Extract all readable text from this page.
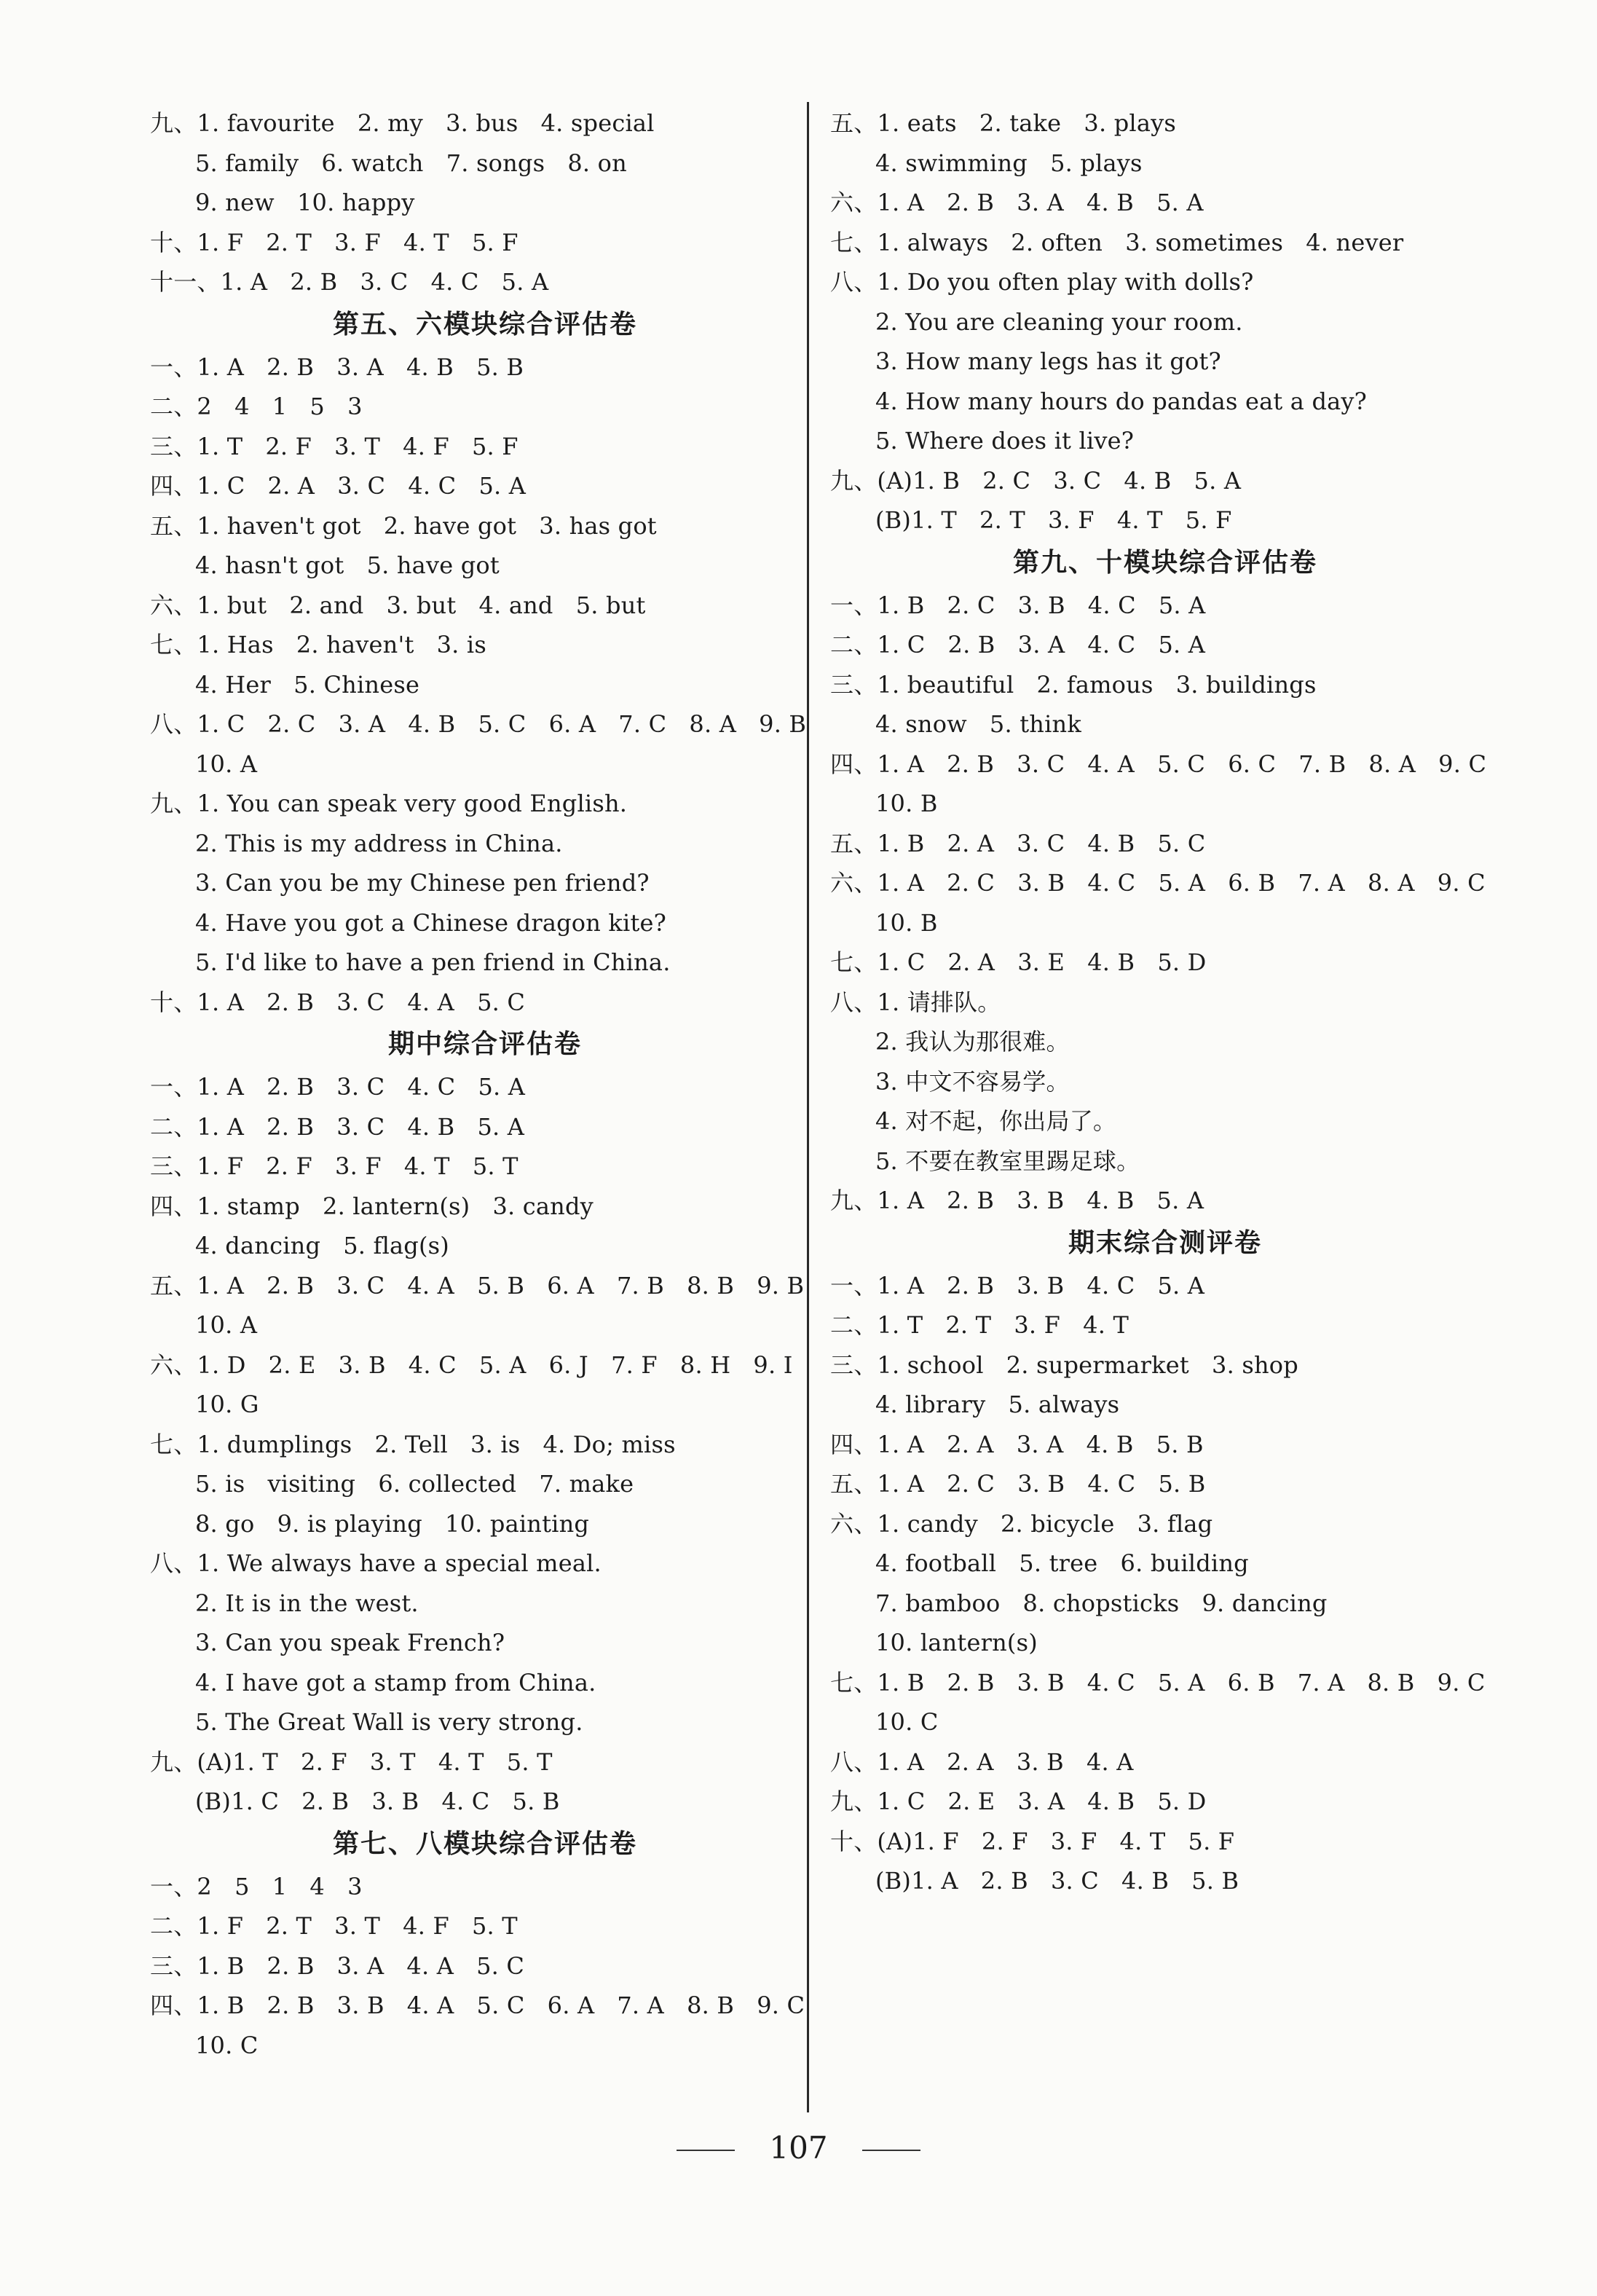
九、1. favourite   2. my   3. bus   4. special
5. family   6. watch   7. songs   8. on
9. new   10. happy
十、1. F   2. T   3. F   4. T   5. F
十一、1. A   2. B   3. C   4. C   5. A
第五、六模块综合评估卷
一、1. A   2. B   3. A   4. B   5. B
二、2   4   1   5   3
三、1. T   2. F   3. T   4. F   5. F
四、1. C   2. A   3. C   4. C   5. A
五、1. haven't got   2. have got   3. has got
4. hasn't got   5. have got
六、1. but   2. and   3. but   4. and   5. but
七、1. Has   2. haven't   3. is
4. Her   5. Chinese
八、1. C   2. C   3. A   4. B   5. C   6. A   7. C   8. A   9. B
10. A
九、1. You can speak very good English.
2. This is my address in China.
3. Can you be my Chinese pen friend?
4. Have you got a Chinese dragon kite?
5. I'd like to have a pen friend in China.
十、1. A   2. B   3. C   4. A   5. C
期中综合评估卷
一、1. A   2. B   3. C   4. C   5. A
二、1. A   2. B   3. C   4. B   5. A
三、1. F   2. F   3. F   4. T   5. T
四、1. stamp   2. lantern(s)   3. candy
4. dancing   5. flag(s)
五、1. A   2. B   3. C   4. A   5. B   6. A   7. B   8. B   9. B
10. A
六、1. D   2. E   3. B   4. C   5. A   6. J   7. F   8. H   9. I
10. G
七、1. dumplings   2. Tell   3. is   4. Do; miss
5. is   visiting   6. collected   7. make
8. go   9. is playing   10. painting
八、1. We always have a special meal.
2. It is in the west.
3. Can you speak French?
4. I have got a stamp from China.
5. The Great Wall is very strong.
九、(A)1. T   2. F   3. T   4. T   5. T
(B)1. C   2. B   3. B   4. C   5. B
第七、八模块综合评估卷
一、2   5   1   4   3
二、1. F   2. T   3. T   4. F   5. T
三、1. B   2. B   3. A   4. A   5. C
四、1. B   2. B   3. B   4. A   5. C   6. A   7. A   8. B   9. C
10. C
五、1. eats   2. take   3. plays
4. swimming   5. plays
六、1. A   2. B   3. A   4. B   5. A
七、1. always   2. often   3. sometimes   4. never
八、1. Do you often play with dolls?
2. You are cleaning your room.
3. How many legs has it got?
4. How many hours do pandas eat a day?
5. Where does it live?
九、(A)1. B   2. C   3. C   4. B   5. A
(B)1. T   2. T   3. F   4. T   5. F
第九、十模块综合评估卷
一、1. B   2. C   3. B   4. C   5. A
二、1. C   2. B   3. A   4. C   5. A
三、1. beautiful   2. famous   3. buildings
4. snow   5. think
四、1. A   2. B   3. C   4. A   5. C   6. C   7. B   8. A   9. C
10. B
五、1. B   2. A   3. C   4. B   5. C
六、1. A   2. C   3. B   4. C   5. A   6. B   7. A   8. A   9. C
10. B
七、1. C   2. A   3. E   4. B   5. D
八、1. 请排队。
2. 我认为那很难。
3. 中文不容易学。
4. 对不起，你出局了。
5. 不要在教室里踢足球。
九、1. A   2. B   3. B   4. B   5. A
期末综合测评卷
一、1. A   2. B   3. B   4. C   5. A
二、1. T   2. T   3. F   4. T
三、1. school   2. supermarket   3. shop
4. library   5. always
四、1. A   2. A   3. A   4. B   5. B
五、1. A   2. C   3. B   4. C   5. B
六、1. candy   2. bicycle   3. flag
4. football   5. tree   6. building
7. bamboo   8. chopsticks   9. dancing
10. lantern(s)
七、1. B   2. B   3. B   4. C   5. A   6. B   7. A   8. B   9. C
10. C
八、1. A   2. A   3. B   4. A
九、1. C   2. E   3. A   4. B   5. D
十、(A)1. F   2. F   3. F   4. T   5. F
(B)1. A   2. B   3. C   4. B   5. B
107
